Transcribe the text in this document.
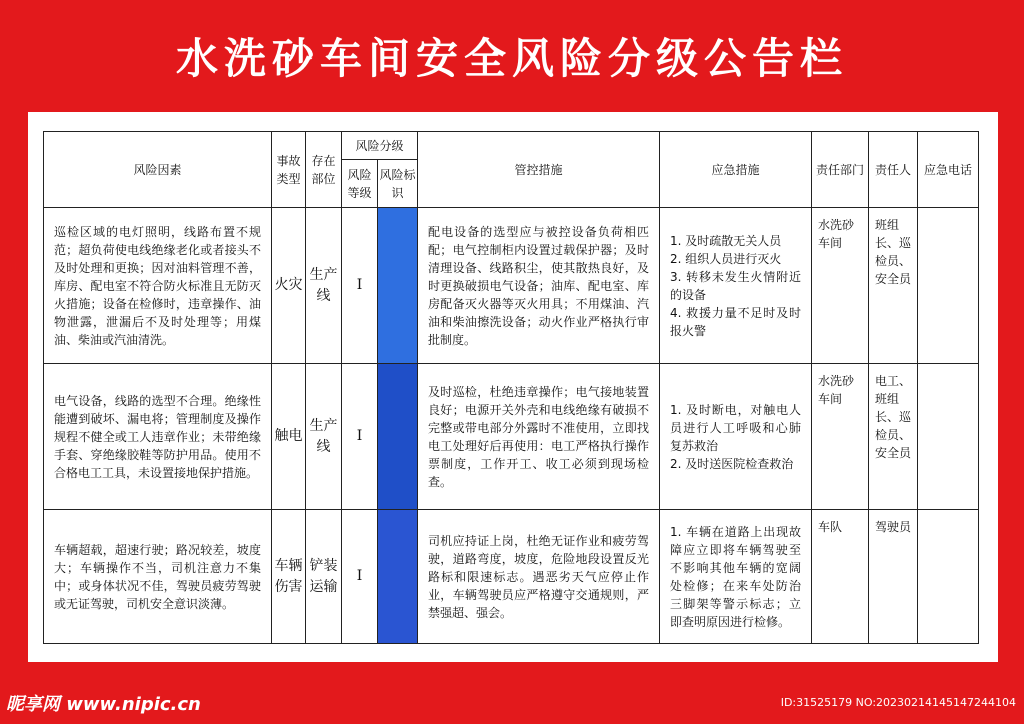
水洗砂车间安全风险分级公告栏
风险因素	事故类型	存在部位	风险分级		管控措施	应急措施	责任部门	责任人	应急电话
			风险等级	风险标识					
巡检区域的电灯照明，线路布置不规范；超负荷使电线绝缘老化或者接头不及时处理和更换；因对油料管理不善，库房、配电室不符合防火标准且无防灭火措施；设备在检修时，违章操作、油物泄露，泄漏后不及时处理等；用煤油、柴油或汽油清洗。	火灾	生产线	Ⅰ		配电设备的选型应与被控设备负荷相匹配；电气控制柜内设置过载保护器；及时清理设备、线路积尘，使其散热良好，及时更换破损电气设备；油库、配电室、库房配备灭火器等灭火用具；不用煤油、汽油和柴油擦洗设备；动火作业严格执行审批制度。	1. 及时疏散无关人员
2. 组织人员进行灭火
3. 转移未发生火情附近的设备
4. 救援力量不足时及时报火警	水洗砂车间	班组长、巡检员、安全员	
电气设备，线路的选型不合理。绝缘性能遭到破坏、漏电将；管理制度及操作规程不健全或工人违章作业；未带绝缘手套、穿绝缘胶鞋等防护用品。使用不合格电工工具，未设置接地保护措施。	触电	生产线	Ⅰ		及时巡检，杜绝违章操作；电气接地装置良好；电源开关外壳和电线绝缘有破损不完整或带电部分外露时不准使用，立即找电工处理好后再使用：电工严格执行操作票制度，工作开工、收工必须到现场检查。	1. 及时断电，对触电人员进行人工呼吸和心肺复苏救治
2. 及时送医院检查救治	水洗砂车间	电工、班组长、巡检员、安全员	
车辆超载，超速行驶；路况较差，坡度大；车辆操作不当，司机注意力不集中；或身体状况不佳，驾驶员疲劳驾驶或无证驾驶，司机安全意识淡薄。	车辆伤害	铲装运输	Ⅰ		司机应持证上岗，杜绝无证作业和疲劳驾驶，道路弯度，坡度，危险地段设置反光路标和限速标志。遇恶劣天气应停止作业，车辆驾驶员应严格遵守交通规则，严禁强超、强会。	1. 车辆在道路上出现故障应立即将车辆驾驶至不影响其他车辆的宽阔处检修；在来车处防治三脚架等警示标志；立即查明原因进行检修。	车队	驾驶员	
昵享网 www.nipic.cn	ID:31525179 NO:20230214145147244104
